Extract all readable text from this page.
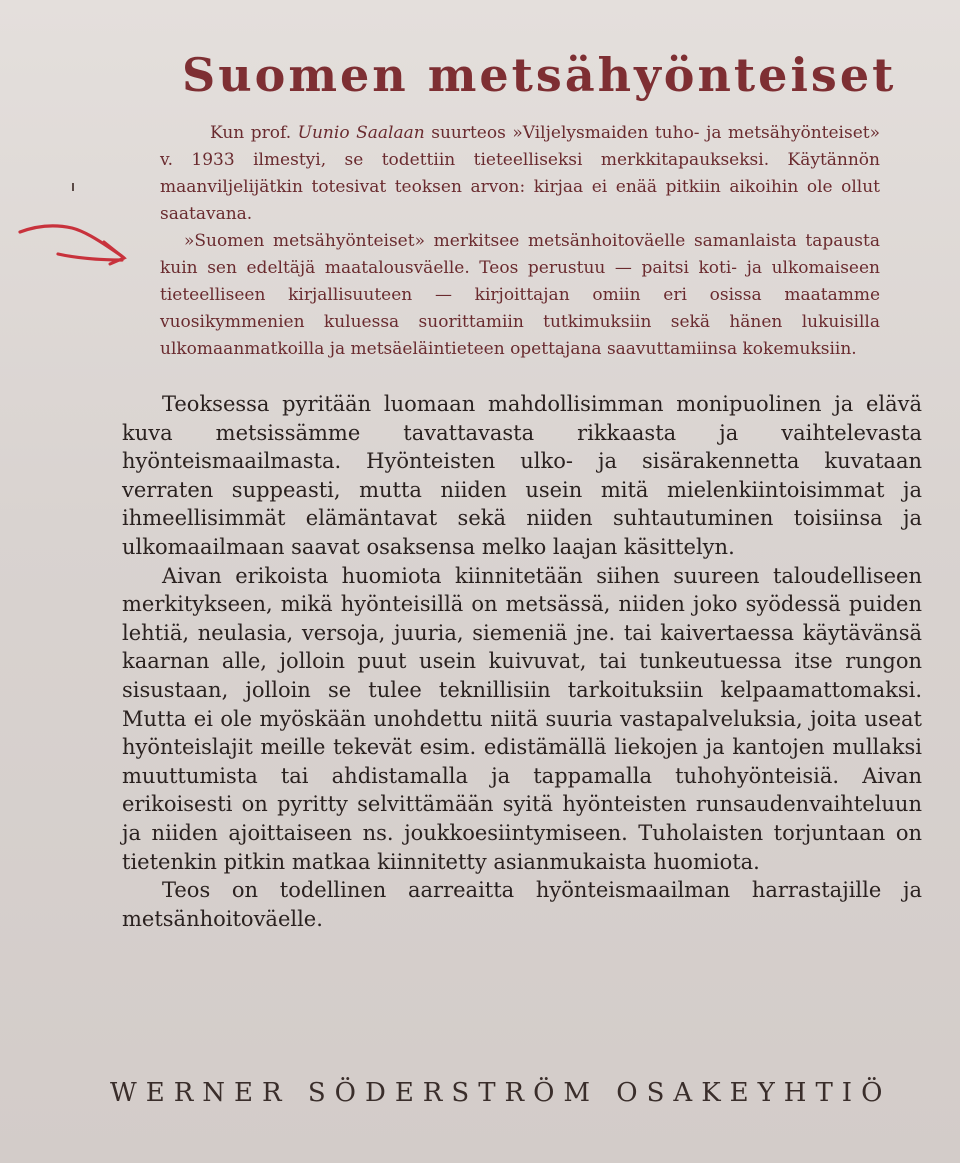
Suomen metsähyönteiset

Kun prof. Uunio Saalaan suurteos »Viljelysmaiden tuho- ja metsähyönteiset» v. 1933 ilmestyi, se todettiin tieteelliseksi merkkitapaukseksi. Käytännön maanviljelijätkin totesivat teoksen arvon: kirjaa ei enää pitkiin aikoihin ole ollut saatavana.

»Suomen metsähyönteiset» merkitsee metsänhoitoväelle samanlaista tapausta kuin sen edeltäjä maatalousväelle. Teos perustuu — paitsi koti- ja ulkomaiseen tieteelliseen kirjallisuuteen — kirjoittajan omiin eri osissa maatamme vuosikymmenien kuluessa suorittamiin tutkimuksiin sekä hänen lukuisilla ulkomaanmatkoilla ja metsäeläintieteen opettajana saavuttamiinsa kokemuksiin.

Teoksessa pyritään luomaan mahdollisimman monipuolinen ja elävä kuva metsissämme tavattavasta rikkaasta ja vaihtelevasta hyönteismaailmasta. Hyönteisten ulko- ja sisärakennetta kuvataan verraten suppeasti, mutta niiden usein mitä mielenkiintoisimmat ja ihmeellisimmät elämäntavat sekä niiden suhtautuminen toisiinsa ja ulkomaailmaan saavat osaksensa melko laajan käsittelyn.

Aivan erikoista huomiota kiinnitetään siihen suureen taloudelliseen merkitykseen, mikä hyönteisillä on metsässä, niiden joko syödessä puiden lehtiä, neulasia, versoja, juuria, siemeniä jne. tai kaivertaessa käytävänsä kaarnan alle, jolloin puut usein kuivuvat, tai tunkeutuessa itse rungon sisustaan, jolloin se tulee teknillisiin tarkoituksiin kelpaamattomaksi. Mutta ei ole myöskään unohdettu niitä suuria vastapalveluksia, joita useat hyönteislajit meille tekevät esim. edistämällä liekojen ja kantojen mullaksi muuttumista tai ahdistamalla ja tappamalla tuhohyönteisiä. Aivan erikoisesti on pyritty selvittämään syitä hyönteisten runsaudenvaihteluun ja niiden ajoittaiseen ns. joukkoesiintymiseen. Tuholaisten torjuntaan on tietenkin pitkin matkaa kiinnitetty asianmukaista huomiota.

Teos on todellinen aarreaitta hyönteismaailman harrastajille ja metsänhoitoväelle.

WERNER SÖDERSTRÖM OSAKEYHTIÖ
